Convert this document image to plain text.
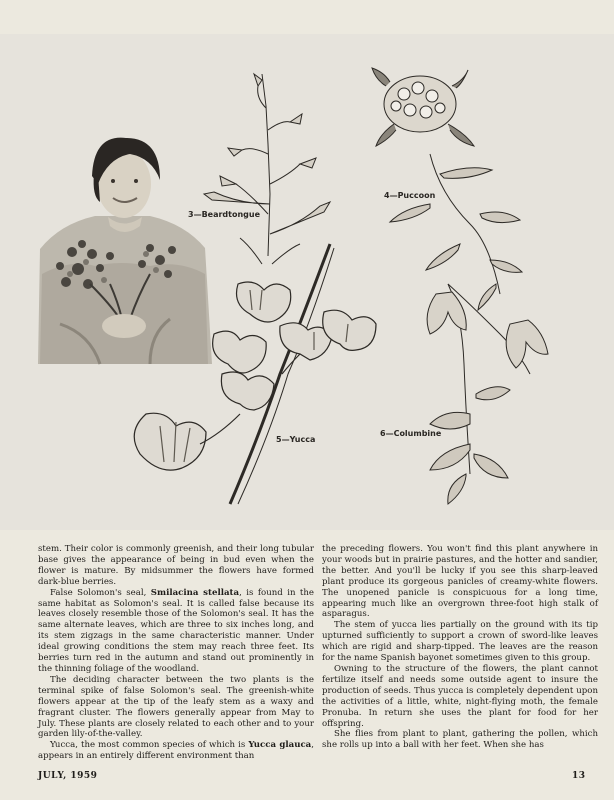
3—Beardtongue
4—Puccoon
5—Yucca
6—Columbine

stem. Their color is commonly greenish, and their long tubular base gives the appearance of being in bud even when the flower is mature. By midsummer the flowers have formed dark-blue berries.

False Solomon's seal, Smilacina stellata, is found in the same habitat as Solomon's seal. It is called false because its leaves closely resemble those of the Solomon's seal. It has the same alternate leaves, which are three to six inches long, and its stem zigzags in the same characteristic manner. Under ideal growing conditions the stem may reach three feet. Its berries turn red in the autumn and stand out prominently in the thinning foliage of the woodland.

The deciding character between the two plants is the terminal spike of false Solomon's seal. The greenish-white flowers appear at the tip of the leafy stem as a waxy and fragrant cluster. The flowers generally appear from May to July. These plants are closely related to each other and to your garden lily-of-the-valley.

Yucca, the most common species of which is Yucca glauca, appears in an entirely different environment than

the preceding flowers. You won't find this plant anywhere in your woods but in prairie pastures, and the hotter and sandier, the better. And you'll be lucky if you see this sharp-leaved plant produce its gorgeous panicles of creamy-white flowers. The unopened panicle is conspicuous for a long time, appearing much like an overgrown three-foot high stalk of asparagus.

The stem of yucca lies partially on the ground with its tip upturned sufficiently to support a crown of sword-like leaves which are rigid and sharp-tipped. The leaves are the reason for the name Spanish bayonet sometimes given to this group.

Owning to the structure of the flowers, the plant cannot fertilize itself and needs some outside agent to insure the production of seeds. Thus yucca is completely dependent upon the activities of a little, white, night-flying moth, the female Pronuba. In return she uses the plant for food for her offspring.

She flies from plant to plant, gathering the pollen, which she rolls up into a ball with her feet. When she has

JULY, 1959	13
